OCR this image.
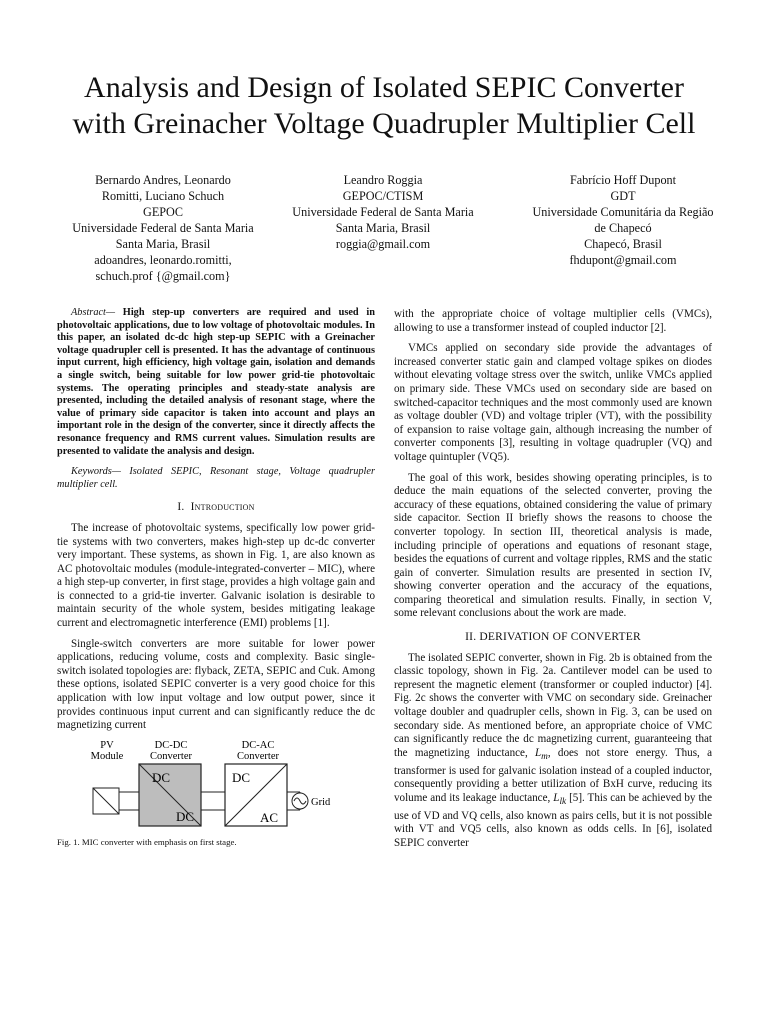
Analysis and Design of Isolated SEPIC Converter
with Greinacher Voltage Quadrupler Multiplier Cell
Bernardo Andres, Leonardo
Romitti, Luciano Schuch
GEPOC
Universidade Federal de Santa Maria
Santa Maria, Brasil
adoandres, leonardo.romitti,
schuch.prof {@gmail.com}
Leandro Roggia
GEPOC/CTISM
Universidade Federal de Santa Maria
Santa Maria, Brasil
roggia@gmail.com
Fabrício Hoff Dupont
GDT
Universidade Comunitária da Região
de Chapecó
Chapecó, Brasil
fhdupont@gmail.com

Abstract— High step-up converters are required and used in photovoltaic applications, due to low voltage of photovoltaic modules. In this paper, an isolated dc-dc high step-up SEPIC with a Greinacher voltage quadrupler cell is presented. It has the advantage of continuous input current, high efficiency, high voltage gain, isolation and demands a single switch, being suitable for low power grid-tie photovoltaic systems. The operating principles and steady-state analysis are presented, including the detailed analysis of resonant stage, where the value of primary side capacitor is taken into account and plays an important role in the design of the converter, since it directly affects the resonance frequency and RMS current values. Simulation results are presented to validate the analysis and design.

Keywords— Isolated SEPIC, Resonant stage, Voltage quadrupler multiplier cell.

I. Introduction

The increase of photovoltaic systems, specifically low power grid-tie systems with two converters, makes high-step up dc-dc converter very important. These systems, as shown in Fig. 1, are also known as AC photovoltaic modules (module-integrated-converter – MIC), where a high step-up converter, in first stage, provides a high voltage gain and is connected to a grid-tie inverter. Galvanic isolation is desirable to maintain security of the whole system, besides mitigating leakage current and electromagnetic interference (EMI) problems [1].

Single-switch converters are more suitable for lower power applications, reducing volume, costs and complexity. Basic single-switch isolated topologies are: flyback, ZETA, SEPIC and Cuk. Among these options, isolated SEPIC converter is a very good choice for this application with low input voltage and low output power, since it provides continuous input current and can significantly reduce the dc magnetizing current

PV
Module
DC-DC
Converter
DC-AC
Converter
DC
DC
DC
AC
Grid

Fig. 1. MIC converter with emphasis on first stage.

with the appropriate choice of voltage multiplier cells (VMCs), allowing to use a transformer instead of coupled inductor [2].

VMCs applied on secondary side provide the advantages of increased converter static gain and clamped voltage spikes on diodes without elevating voltage stress over the switch, unlike VMCs applied on primary side. These VMCs used on secondary side are based on switched-capacitor techniques and the most commonly used are known as voltage doubler (VD) and voltage tripler (VT), with the possibility of expansion to raise voltage gain, although increasing the number of converter components [3], resulting in voltage quadrupler (VQ) and voltage quintupler (VQ5).

The goal of this work, besides showing operating principles, is to deduce the main equations of the selected converter, proving the accuracy of these equations, obtained considering the value of primary side capacitor. Section II briefly shows the reasons to choose the converter topology. In section III, theoretical analysis is made, including principle of operations and equations of resonant stage, besides the equations of current and voltage ripples, RMS and the static gain of converter. Simulation results are presented in section IV, showing converter operation and the accuracy of the equations, comparing theoretical and simulation results. Finally, in section V, some relevant conclusions about the work are made.

II. DERIVATION OF CONVERTER

The isolated SEPIC converter, shown in Fig. 2b is obtained from the classic topology, shown in Fig. 2a. Cantilever model can be used to represent the magnetic element (transformer or coupled inductor) [4]. Fig. 2c shows the converter with VMC on secondary side. Greinacher voltage doubler and quadrupler cells, shown in Fig. 3, can be used on secondary side. As mentioned before, an appropriate choice of VMC can significantly reduce the dc magnetizing current, guaranteeing that the magnetizing inductance, $L_m$, does not store energy. Thus, a transformer is used for galvanic isolation instead of a coupled inductor, consequently providing a better utilization of BxH curve, reducing its volume and its leakage inductance, $L_{lk}$ [5]. This can be achieved by the use of VD and VQ cells, also known as pairs cells, but it is not possible with VT and VQ5 cells, also known as odds cells. In [6], isolated SEPIC converter
